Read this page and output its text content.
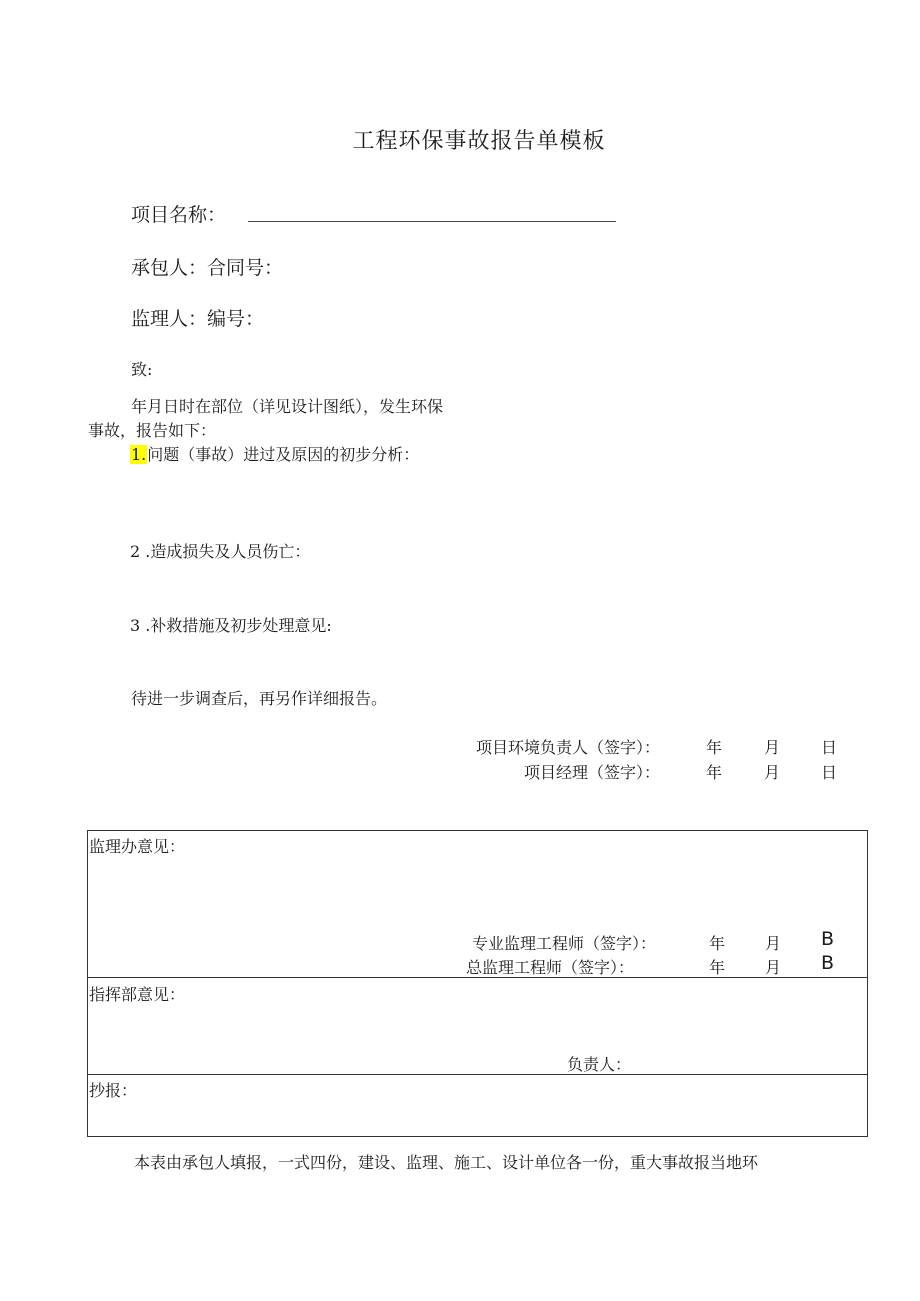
工程环保事故报告单模板
项目名称：
承包人：合同号：
监理人：编号：
致:
年月日时在部位（详见设计图纸），发生环保
事故，报告如下：
1.问题（事故）进过及原因的初步分析：
2 .造成损失及人员伤亡：
3 .补救措施及初步处理意见:
待进一步调查后，再另作详细报告。
项目环境负责人（签字）：	年	月	日
项目经理（签字）：	年	月	日
监理办意见：
专业监理工程师（签字）：	年 月 B
总监理工程师（签字）：	年 月 B
指挥部意见：
负责人：
抄报：
本表由承包人填报，一式四份，建设、监理、施工、设计单位各一份，重大事故报当地环
